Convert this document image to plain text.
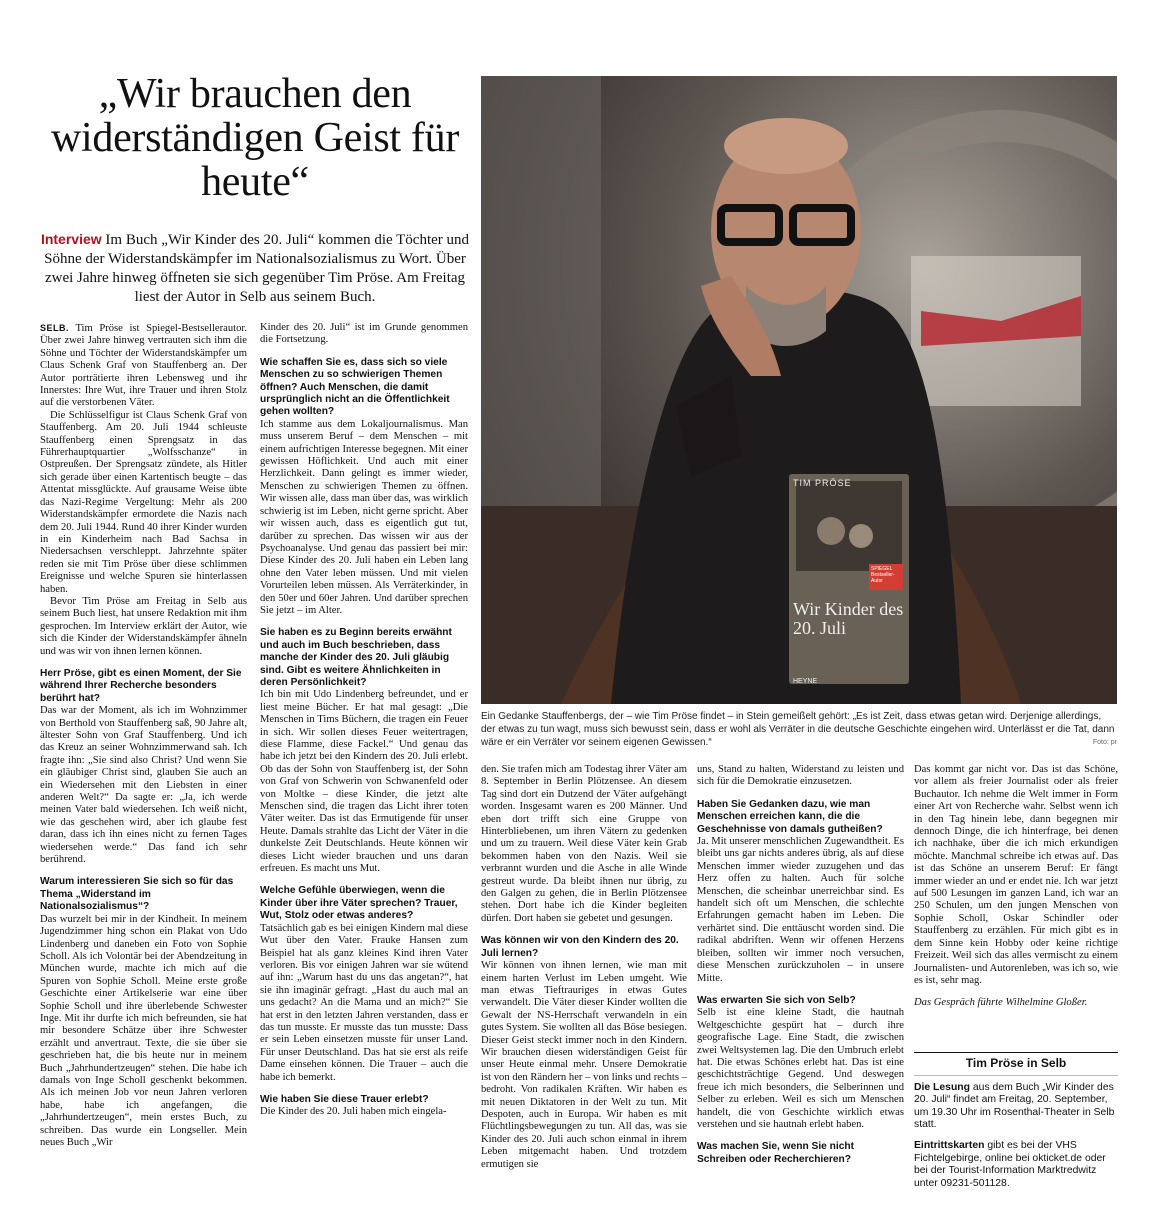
„Wir brauchen den widerständigen Geist für heute“
Interview Im Buch „Wir Kinder des 20. Juli“ kommen die Töchter und Söhne der Widerstandskämpfer im Nationalsozialismus zu Wort. Über zwei Jahre hinweg öffneten sie sich gegenüber Tim Pröse. Am Freitag liest der Autor in Selb aus seinem Buch.
TIM PRÖSE
Wir Kinder des 20. Juli
SPIEGEL Bestseller-Autor
HEYNE
Ein Gedanke Stauffenbergs, der – wie Tim Pröse findet – in Stein gemeißelt gehört: „Es ist Zeit, dass etwas getan wird. Derjenige allerdings, der etwas zu tun wagt, muss sich bewusst sein, dass er wohl als Verräter in die deutsche Geschichte eingehen wird. Unterlässt er die Tat, dann wäre er ein Verräter vor seinem eigenen Gewissen.“	Foto: pr

SELB. Tim Pröse ist Spiegel-Bestsellerautor. Über zwei Jahre hinweg vertrauten sich ihm die Söhne und Töchter der Widerstandskämpfer um Claus Schenk Graf von Stauffenberg an. Der Autor porträtierte ihren Lebensweg und ihr Innerstes: Ihre Wut, ihre Trauer und ihren Stolz auf die verstorbenen Väter.

Die Schlüsselfigur ist Claus Schenk Graf von Stauffenberg. Am 20. Juli 1944 schleuste Stauffenberg einen Sprengsatz in das Führerhauptquartier „Wolfsschanze“ in Ostpreußen. Der Sprengsatz zündete, als Hitler sich gerade über einen Kartentisch beugte – das Attentat missglückte. Auf grausame Weise übte das Nazi-Regime Vergeltung: Mehr als 200 Widerstandskämpfer ermordete die Nazis nach dem 20. Juli 1944. Rund 40 ihrer Kinder wurden in ein Kinderheim nach Bad Sachsa in Niedersachsen verschleppt. Jahrzehnte später reden sie mit Tim Pröse über diese schlimmen Ereignisse und welche Spuren sie hinterlassen haben.

Bevor Tim Pröse am Freitag in Selb aus seinem Buch liest, hat unsere Redaktion mit ihm gesprochen. Im Interview erklärt der Autor, wie sich die Kinder der Widerstandskämpfer ähneln und was wir von ihnen lernen können.

Herr Pröse, gibt es einen Moment, der Sie während Ihrer Recherche besonders berührt hat?

Das war der Moment, als ich im Wohnzimmer von Berthold von Stauffenberg saß, 90 Jahre alt, ältester Sohn von Graf Stauffenberg. Und ich das Kreuz an seiner Wohnzimmerwand sah. Ich fragte ihn: „Sie sind also Christ? Und wenn Sie ein gläubiger Christ sind, glauben Sie auch an ein Wiedersehen mit den Liebsten in einer anderen Welt?“ Da sagte er: „Ja, ich werde meinen Vater bald wiedersehen. Ich weiß nicht, wie das geschehen wird, aber ich glaube fest daran, dass ich ihn eines nicht zu fernen Tages wiedersehen werde.“ Das fand ich sehr berührend.

Warum interessieren Sie sich so für das Thema „Widerstand im Nationalsozialismus“?

Das wurzelt bei mir in der Kindheit. In meinem Jugendzimmer hing schon ein Plakat von Udo Lindenberg und daneben ein Foto von Sophie Scholl. Als ich Volontär bei der Abendzeitung in München wurde, machte ich mich auf die Spuren von Sophie Scholl. Meine erste große Geschichte einer Artikelserie war eine über Sophie Scholl und ihre überlebende Schwester Inge. Mit ihr durfte ich mich befreunden, sie hat mir besondere Schätze über ihre Schwester erzählt und anvertraut. Texte, die sie über sie geschrieben hat, die bis heute nur in meinem Buch „Jahrhundertzeugen“ stehen. Die habe ich damals von Inge Scholl geschenkt bekommen. Als ich meinen Job vor neun Jahren verloren habe, habe ich angefangen, die „Jahrhundertzeugen“, mein erstes Buch, zu schreiben. Das wurde ein Longseller. Mein neues Buch „Wir

Kinder des 20. Juli“ ist im Grunde genommen die Fortsetzung.

Wie schaffen Sie es, dass sich so viele Menschen zu so schwierigen Themen öffnen? Auch Menschen, die damit ursprünglich nicht an die Öffentlichkeit gehen wollten?

Ich stamme aus dem Lokaljournalismus. Man muss unserem Beruf – dem Menschen – mit einem aufrichtigen Interesse begegnen. Mit einer gewissen Höflichkeit. Und auch mit einer Herzlichkeit. Dann gelingt es immer wieder, Menschen zu schwierigen Themen zu öffnen. Wir wissen alle, dass man über das, was wirklich schwierig ist im Leben, nicht gerne spricht. Aber wir wissen auch, dass es eigentlich gut tut, darüber zu sprechen. Das wissen wir aus der Psychoanalyse. Und genau das passiert bei mir: Diese Kinder des 20. Juli haben ein Leben lang ohne den Vater leben müssen. Und mit vielen Vorurteilen leben müssen. Als Verräterkinder, in den 50er und 60er Jahren. Und darüber sprechen Sie jetzt – im Alter.

Sie haben es zu Beginn bereits erwähnt und auch im Buch beschrieben, dass manche der Kinder des 20. Juli gläubig sind. Gibt es weitere Ähnlichkeiten in deren Persönlichkeit?

Ich bin mit Udo Lindenberg befreundet, und er liest meine Bücher. Er hat mal gesagt: „Die Menschen in Tims Büchern, die tragen ein Feuer in sich. Wir sollen dieses Feuer weitertragen, diese Flamme, diese Fackel.“ Und genau das habe ich jetzt bei den Kindern des 20. Juli erlebt. Ob das der Sohn von Stauffenberg ist, der Sohn von Graf von Schwerin von Schwanenfeld oder von Moltke – diese Kinder, die jetzt alte Menschen sind, die tragen das Licht ihrer toten Väter weiter. Das ist das Ermutigende für unser Heute. Damals strahlte das Licht der Väter in die dunkelste Zeit Deutschlands. Heute können wir dieses Licht wieder brauchen und uns daran erfreuen. Es macht uns Mut.

Welche Gefühle überwiegen, wenn die Kinder über ihre Väter sprechen? Trauer, Wut, Stolz oder etwas anderes?

Tatsächlich gab es bei einigen Kindern mal diese Wut über den Vater. Frauke Hansen zum Beispiel hat als ganz kleines Kind ihren Vater verloren. Bis vor einigen Jahren war sie wütend auf ihn: „Warum hast du uns das angetan?“, hat sie ihn imaginär gefragt. „Hast du auch mal an uns gedacht? An die Mama und an mich?“ Sie hat erst in den letzten Jahren verstanden, dass er das tun musste. Er musste das tun musste: Dass er sein Leben einsetzen musste für unser Land. Für unser Deutschland. Das hat sie erst als reife Dame einsehen können. Die Trauer – auch die habe ich bemerkt.

Wie haben Sie diese Trauer erlebt?

Die Kinder des 20. Juli haben mich eingela-

den. Sie trafen mich am Todestag ihrer Väter am 8. September in Berlin Plötzensee. An diesem Tag sind dort ein Dutzend der Väter aufgehängt worden. Insgesamt waren es 200 Männer. Und eben dort trifft sich eine Gruppe von Hinterbliebenen, um ihren Vätern zu gedenken und um zu trauern. Weil diese Väter kein Grab bekommen haben von den Nazis. Weil sie verbrannt wurden und die Asche in alle Winde gestreut wurde. Da bleibt ihnen nur übrig, zu den Galgen zu gehen, die in Berlin Plötzensee stehen. Dort habe ich die Kinder begleiten dürfen. Dort haben sie gebetet und gesungen.

Was können wir von den Kindern des 20. Juli lernen?

Wir können von ihnen lernen, wie man mit einem harten Verlust im Leben umgeht. Wie man etwas Tieftrauriges in etwas Gutes verwandelt. Die Väter dieser Kinder wollten die Gewalt der NS-Herrschaft verwandeln in ein gutes System. Sie wollten all das Böse besiegen. Dieser Geist steckt immer noch in den Kindern. Wir brauchen diesen widerständigen Geist für unser Heute einmal mehr. Unsere Demokratie ist von den Rändern her – von links und rechts – bedroht. Von radikalen Kräften. Wir haben es mit neuen Diktatoren in der Welt zu tun. Mit Despoten, auch in Europa. Wir haben es mit Flüchtlingsbewegungen zu tun. All das, was sie Kinder des 20. Juli auch schon einmal in ihrem Leben mitgemacht haben. Und trotzdem ermutigen sie

uns, Stand zu halten, Widerstand zu leisten und sich für die Demokratie einzusetzen.

Haben Sie Gedanken dazu, wie man Menschen erreichen kann, die die Geschehnisse von damals gutheißen?

Ja. Mit unserer menschlichen Zugewandtheit. Es bleibt uns gar nichts anderes übrig, als auf diese Menschen immer wieder zuzugehen und das Herz offen zu halten. Auch für solche Menschen, die scheinbar unerreichbar sind. Es handelt sich oft um Menschen, die schlechte Erfahrungen gemacht haben im Leben. Die verhärtet sind. Die enttäuscht worden sind. Die radikal abdriften. Wenn wir offenen Herzens bleiben, sollten wir immer noch versuchen, diese Menschen zurückzuholen – in unsere Mitte.

Was erwarten Sie sich von Selb?

Selb ist eine kleine Stadt, die hautnah Weltgeschichte gespürt hat – durch ihre geografische Lage. Eine Stadt, die zwischen zwei Weltsystemen lag. Die den Umbruch erlebt hat. Die etwas Schönes erlebt hat. Das ist eine geschichtsträchtige Gegend. Und deswegen freue ich mich besonders, die Selberinnen und Selber zu erleben. Weil es sich um Menschen handelt, die von Geschichte wirklich etwas verstehen und sie hautnah erlebt haben.

Was machen Sie, wenn Sie nicht Schreiben oder Recherchieren?

Das kommt gar nicht vor. Das ist das Schöne, vor allem als freier Journalist oder als freier Buchautor. Ich nehme die Welt immer in Form einer Art von Recherche wahr. Selbst wenn ich in den Tag hinein lebe, dann begegnen mir dennoch Dinge, die ich hinterfrage, bei denen ich nachhake, über die ich mich erkundigen möchte. Manchmal schreibe ich etwas auf. Das ist das Schöne an unserem Beruf: Er fängt immer wieder an und er endet nie. Ich war jetzt auf 500 Lesungen im ganzen Land, ich war an 250 Schulen, um den jungen Menschen von Sophie Scholl, Oskar Schindler oder Stauffenberg zu erzählen. Für mich gibt es in dem Sinne kein Hobby oder keine richtige Freizeit. Weil sich das alles vermischt zu einem Journalisten- und Autorenleben, was ich so, wie es ist, sehr mag.

Das Gespräch führte Wilhelmine Gloßer.

Tim Pröse in Selb

Die Lesung aus dem Buch „Wir Kinder des 20. Juli“ findet am Freitag, 20. September, um 19.30 Uhr im Rosenthal-Theater in Selb statt.

Eintrittskarten gibt es bei der VHS Fichtelgebirge, online bei okticket.de oder bei der Tourist-Information Marktredwitz unter 09231-501128.
